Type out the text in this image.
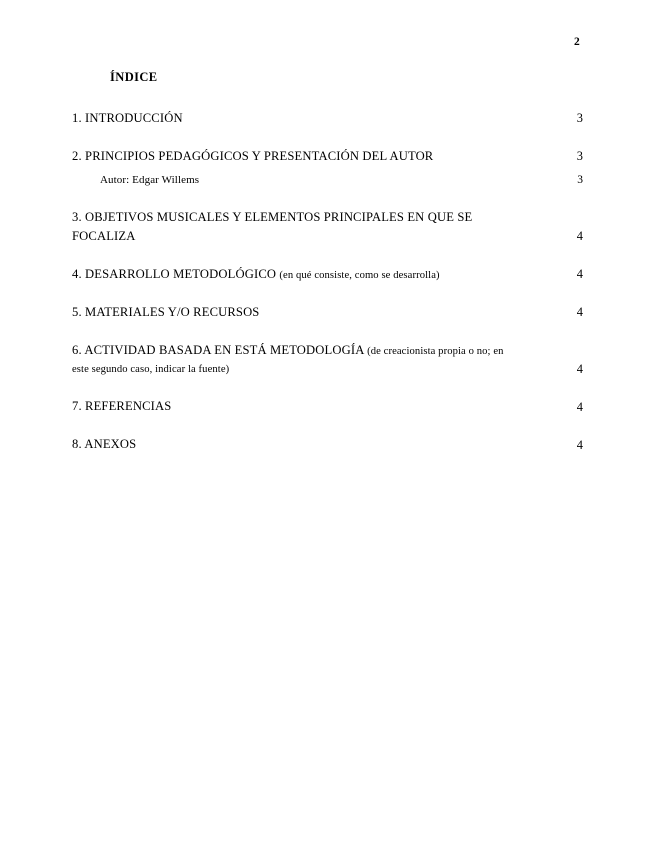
2
ÍNDICE
1. INTRODUCCIÓN	3
2. PRINCIPIOS PEDAGÓGICOS Y PRESENTACIÓN DEL AUTOR	3
Autor: Edgar Willems	3
3. OBJETIVOS MUSICALES Y ELEMENTOS PRINCIPALES EN QUE SE FOCALIZA	4
4. DESARROLLO METODOLÓGICO (en qué consiste, como se desarrolla)	4
5. MATERIALES Y/O RECURSOS	4
6. ACTIVIDAD BASADA EN ESTÁ METODOLOGÍA (de creacionista propia o no; en este segundo caso, indicar la fuente)	4
7. REFERENCIAS	4
8. ANEXOS	4
